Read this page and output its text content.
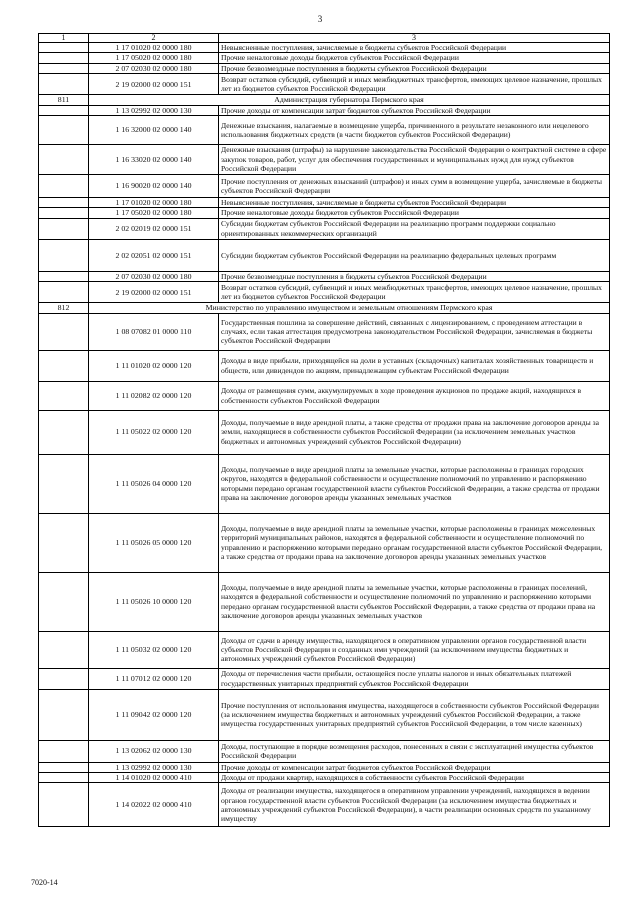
3
1	2	3
	1 17 01020 02 0000 180	Невыясненные поступления, зачисляемые в бюджеты субъектов Российской Федерации
	1 17 05020 02 0000 180	Прочие неналоговые доходы бюджетов субъектов Российской Федерации
	2 07 02030 02 0000 180	Прочие безвозмездные поступления в бюджеты субъектов Российской Федерации
	2 19 02000 02 0000 151	Возврат остатков субсидий, субвенций и иных межбюджетных трансфертов, имеющих целевое назначение, прошлых лет из бюджетов субъектов Российской Федерации
811	Администрация губернатора Пермского края	
	1 13 02992 02 0000 130	Прочие доходы от компенсации затрат бюджетов субъектов Российской Федерации
	1 16 32000 02 0000 140	Денежные взыскания, налагаемые в возмещение ущерба, причиненного в результате незаконного или нецелевого использования бюджетных средств (в части бюджетов субъектов Российской Федерации)
	1 16 33020 02 0000 140	Денежные взыскания (штрафы) за нарушение законодательства Российской Федерации о контрактной системе в сфере закупок товаров, работ, услуг для обеспечения государственных и муниципальных нужд для нужд субъектов Российской Федерации
	1 16 90020 02 0000 140	Прочие поступления от денежных взысканий (штрафов) и иных сумм в возмещение ущерба, зачисляемые в бюджеты субъектов Российской Федерации
	1 17 01020 02 0000 180	Невыясненные поступления, зачисляемые в бюджеты субъектов Российской Федерации
	1 17 05020 02 0000 180	Прочие неналоговые доходы бюджетов субъектов Российской Федерации
	2 02 02019 02 0000 151	Субсидии бюджетам субъектов Российской Федерации на реализацию программ поддержки социально ориентированных некоммерческих организаций
	2 02 02051 02 0000 151	Субсидии бюджетам субъектов Российской Федерации на реализацию федеральных целевых программ
	2 07 02030 02 0000 180	Прочие безвозмездные поступления в бюджеты субъектов Российской Федерации
	2 19 02000 02 0000 151	Возврат остатков субсидий, субвенций и иных межбюджетных трансфертов, имеющих целевое назначение, прошлых лет из бюджетов субъектов Российской Федерации
812	Министерство по управлению имуществом и земельным отношениям Пермского края	
	1 08 07082 01 0000 110	Государственная пошлина за совершение действий, связанных с лицензированием, с проведением аттестации в случаях, если такая аттестация предусмотрена законодательством Российской Федерации, зачисляемая в бюджеты субъектов Российской Федерации
	1 11 01020 02 0000 120	Доходы в виде прибыли, приходящейся на доли в уставных (складочных) капиталах хозяйственных товариществ и обществ, или дивидендов по акциям, принадлежащим субъектам Российской Федерации
	1 11 02082 02 0000 120	Доходы от размещения сумм, аккумулируемых в ходе проведения аукционов по продаже акций, находящихся в собственности субъектов Российской Федерации
	1 11 05022 02 0000 120	Доходы, получаемые в виде арендной платы, а также средства от продажи права на заключение договоров аренды за земли, находящиеся в собственности субъектов Российской Федерации (за исключением земельных участков бюджетных и автономных учреждений субъектов Российской Федерации)
	1 11 05026 04 0000 120	Доходы, получаемые в виде арендной платы за земельные участки, которые расположены в границах городских округов, находятся в федеральной собственности и осуществление полномочий по управлению и распоряжению которыми передано органам государственной власти субъектов Российской Федерации, а также средства от продажи права на заключение договоров аренды указанных земельных участков
	1 11 05026 05 0000 120	Доходы, получаемые в виде арендной платы за земельные участки, которые расположены в границах межселенных территорий муниципальных районов, находятся в федеральной собственности и осуществление полномочий по управлению и распоряжению которыми передано органам государственной власти субъектов Российской Федерации, а также средства от продажи права на заключение договоров аренды указанных земельных участков
	1 11 05026 10 0000 120	Доходы, получаемые в виде арендной платы за земельные участки, которые расположены в границах поселений, находятся в федеральной собственности и осуществление полномочий по управлению и распоряжению которыми передано органам государственной власти субъектов Российской Федерации, а также средства от продажи права на заключение договоров аренды указанных земельных участков
	1 11 05032 02 0000 120	Доходы от сдачи в аренду имущества, находящегося в оперативном управлении органов государственной власти субъектов Российской Федерации и созданных ими учреждений (за исключением имущества бюджетных и автономных учреждений субъектов Российской Федерации)
	1 11 07012 02 0000 120	Доходы от перечисления части прибыли, остающейся после уплаты налогов и иных обязательных платежей государственных унитарных предприятий субъектов Российской Федерации
	1 11 09042 02 0000 120	Прочие поступления от использования имущества, находящегося в собственности субъектов Российской Федерации (за исключением имущества бюджетных и автономных учреждений субъектов Российской Федерации, а также имущества государственных унитарных предприятий субъектов Российской Федерации, в том числе казенных)
	1 13 02062 02 0000 130	Доходы, поступающие в порядке возмещения расходов, понесенных в связи с эксплуатацией имущества субъектов Российской Федерации
	1 13 02992 02 0000 130	Прочие доходы от компенсации затрат бюджетов субъектов Российской Федерации
	1 14 01020 02 0000 410	Доходы от продажи квартир, находящихся в собственности субъектов Российской Федерации
	1 14 02022 02 0000 410	Доходы от реализации имущества, находящегося в оперативном управлении учреждений, находящихся в ведении органов государственной власти субъектов Российской Федерации (за исключением имущества бюджетных и автономных учреждений субъектов Российской Федерации), в части реализации основных средств по указанному имуществу
7020-14
